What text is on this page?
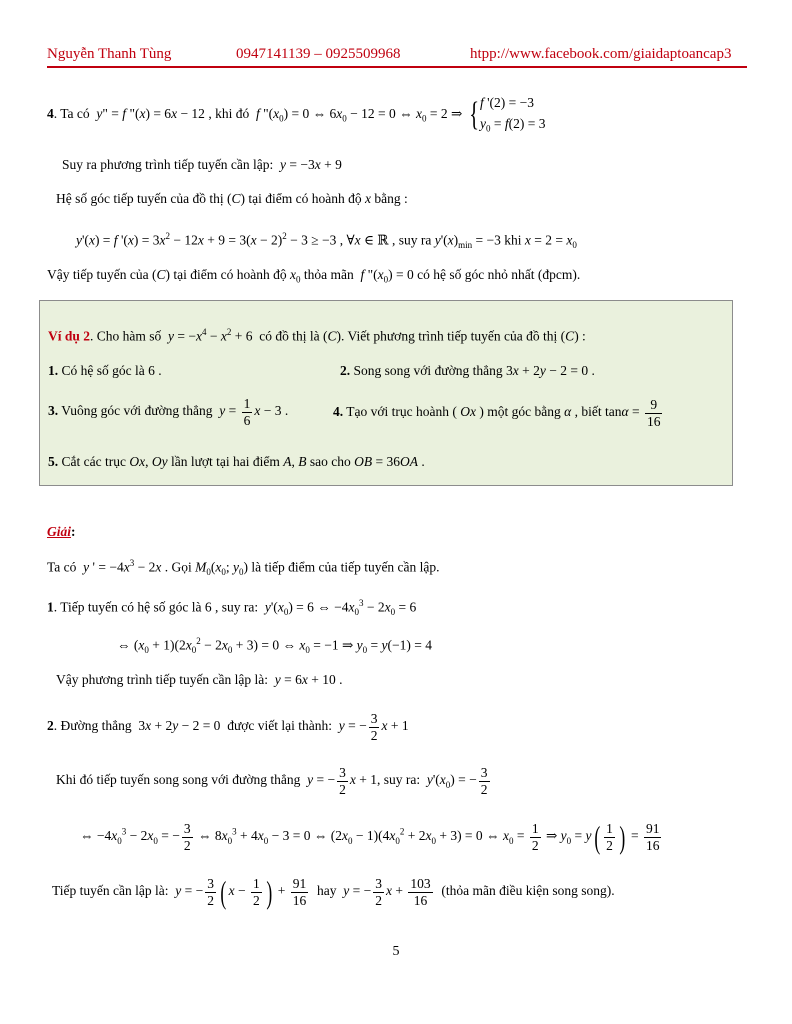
Nguyễn Thanh Tùng	0947141139 – 0925509968	htpp://www.facebook.com/giaidaptoancap3
4. Ta có y" = f "(x) = 6x − 12 , khi đó f "$(x_0) = 0$ ⇔ $6x_0 - 12 = 0$ ⇔ $x_0 = 2$ ⇒ {f '(2) = −3
$y_0 = f(2) = 3$
Suy ra phương trình tiếp tuyến cần lập: y = −3x + 9
Hệ số góc tiếp tuyến của đồ thị (C) tại điểm có hoành độ x bằng :
y'(x) = f '$(x) = 3x^2 - 12x + 9 = 3(x - 2)^2 - 3 \ge -3$ , ∀x ∈ ℝ , suy ra $y'(x)_{min} = -3$ khi $x = 2 = x_0$
Vậy tiếp tuyến của (C) tại điểm có hoành độ $x_0$ thỏa mãn f "$(x_0) = 0$ có hệ số góc nhỏ nhất (đpcm).
Ví dụ 2. Cho hàm số $y = -x^4 - x^2 + 6$  có đồ thị là (C). Viết phương trình tiếp tuyến của đồ thị (C) :
1. Có hệ số góc là 6 .	2. Song song với đường thẳng 3x + 2y − 2 = 0 .
3. Vuông góc với đường thẳng $y = \frac{1}{6}$ x − 3 .	4. Tạo với trục hoành ( Ox ) một góc bằng α , biết $\tan\alpha = \frac{9}{16}$
5. Cắt các trục Ox, Oy lần lượt tại hai điểm A, B sao cho OB = 36OA .
Giải:
Ta có y ' = $-4x^3 - 2x$ . Gọi $M_0(x_0$; $y_0$) là tiếp điểm của tiếp tuyến cần lập.
1. Tiếp tuyến có hệ số góc là 6 , suy ra: $y'(x_0) = 6$ ⇔ $-4x_0^3 - 2x_0 = 6$
⇔ $(x_0 + 1)(2x_0^2 - 2x_0 + 3) = 0$ ⇔ $x_0 = -1$ ⇒ $y_0 = y(-1) = 4$
Vậy phương trình tiếp tuyến cần lập là: y = 6x + 10 .
2. Đường thẳng  3x + 2y − 2 = 0  được viết lại thành: y = − $\frac{3}{2}$ x + 1
Khi đó tiếp tuyến song song với đường thẳng y = − $\frac{3}{2}$ x + 1, suy ra: $y'(x_0)$ = − $\frac{3}{2}$
⇔ $-4x_0^3 - 2x_0$ = − $\frac{3}{2}$ ⇔ $8x_0^3 + 4x_0 - 3 = 0$ ⇔ $(2x_0 - 1)(4x_0^2 + 2x_0 + 3) = 0$ ⇔ $x_0 = \frac{1}{2}$ ⇒ $y_0 = y( \frac{1}{2}$ ) = $\frac{91}{16}$
Tiếp tuyến cần lập là: y = − $\frac{3}{2}$ ( $x - \frac{1}{2}$ ) + $\frac{91}{16}$ hay y = − $\frac{3}{2}$ $x + \frac{103}{16}$ (thỏa mãn điều kiện song song).
5
